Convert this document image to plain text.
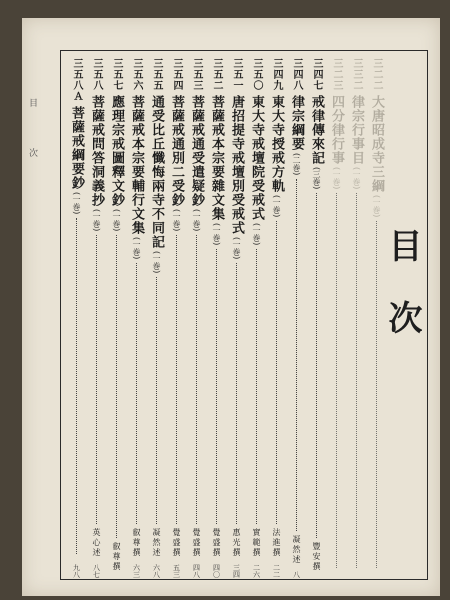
目
次
目次
三二二
大唐昭成寺三綱
(一巻)
三三二
律宗行事目
(一巻)
三二三
四分律行事
(一巻)
三四七
戒律傳來記
(三巻)
豐安撰
三四八
律宗綱要
(二巻)
凝然述
八
三四九
東大寺授戒方軌
(一巻)
法進撰
二二
三五〇
東大寺戒壇院受戒式
(一巻)
實範撰
二六
三五一
唐招提寺戒壇別受戒式
(一巻)
惠光撰
三四
三五二
菩薩戒本宗要雜文集
(一巻)
覺盛撰
四〇
三五三
菩薩戒通受遣疑鈔
(一巻)
覺盛撰
四八
三五四
菩薩戒通別二受鈔
(一巻)
覺盛撰
五三
三五五
通受比丘懺悔兩寺不同記
(一巻)
凝然述
六八
三五六
菩薩戒本宗要輔行文集
(一巻)
叡尊撰
六三
三五七
應理宗戒圖釋文鈔
(一巻)
叡尊撰
三五八
菩薩戒問答洞義抄
(一巻)
英心述
八七
三五八Ａ
菩薩戒綱要鈔
(一巻)
九八
